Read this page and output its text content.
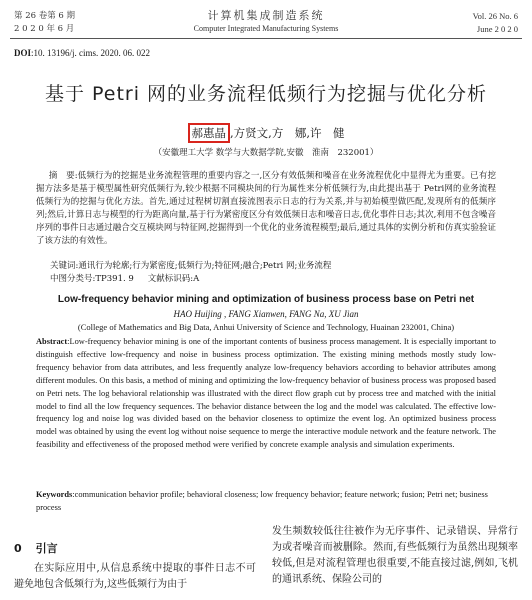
第 26 卷第 6 期
2 0 2 0 年 6 月
计算机集成制造系统
Computer Integrated Manufacturing Systems
Vol. 26 No. 6
June 2 0 2 0
DOI:10. 13196/j. cims. 2020. 06. 022
基于 Petri 网的业务流程低频行为挖掘与优化分析
郝惠晶 ,方贤文,方　娜,许　健
（安徽理工大学 数学与大数据学院,安徽　淮南　232001）
摘　要:低频行为的挖掘是业务流程管理的重要内容之一,区分有效低频和噪音在业务流程优化中显得尤为重要。已有挖掘方法多是基于模型属性研究低频行为,较少根据不同模块间的行为属性来分析低频行为,由此提出基于 Petri网的业务流程低频行为的挖掘与优化方法。首先,通过过程树切割直接流图表示日志的行为关系,并与初始模型做匹配,发现所有的低频序列;然后,计算日志与模型的行为距离向量,基于行为紧密度区分有效低频日志和噪音日志,优化事件日志;其次,利用不包含噪音序列的事件日志通过融合交互模块网与特征网,挖掘得到一个优化的业务流程模型;最后,通过具体的实例分析和仿真实验验证了该方法的有效性。
关键词:通讯行为轮廓;行为紧密度;低频行为;特征网;融合;Petri 网;业务流程
中图分类号:TP391. 9 文献标识码:A
Low-frequency behavior mining and optimization of business process base on Petri net
HAO Huijing , FANG Xianwen, FANG Na, XU Jian
(College of Mathematics and Big Data, Anhui University of Science and Technology, Huainan 232001, China)
Abstract:Low-frequency behavior mining is one of the important contents of business process management. It is especially important to distinguish effective low-frequency and noise in business process optimization. The existing mining methods mostly study low-frequency behavior from data attributes, and less frequently analyze low-frequency behaviors according to behavior attributes among different modules. On this basis, a method of mining and optimizing the low-frequency behavior of business process was proposed based on Petri nets. The log behavioral relationship was illustrated with the direct flow graph cut by process tree and matched with the initial model to find all the low frequency sequences. The behavior distance between the log and the model was calculated. The effective low-frequency log and noise log was divided based on the behavior closeness to optimize the event log. An optimized business process model was obtained by using the event log without noise sequence to merge the interactive module network and the feature network. The feasibility and effectiveness of the proposed method were verified by concrete example analysis and simulation experiments.
Keywords:communication behavior profile; behavioral closeness; low frequency behavior; feature network; fusion; Petri net; business process
0 引言
在实际应用中,从信息系统中提取的事件日志不可避免地包含低频行为,这些低频行为由于
发生频数较低往往被作为无序事件、记录错误、异常行为或者噪音而被删除。然而,有些低频行为虽然出现频率较低,但是对流程管理也很重要,不能直接过滤,例如,飞机的通讯系统、保险公司的
